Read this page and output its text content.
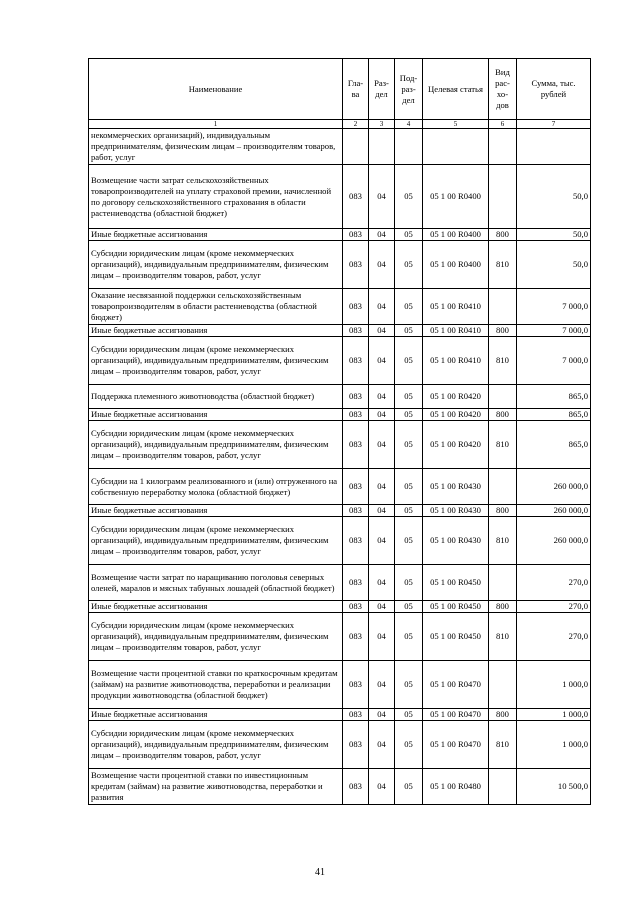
Наименование	Гла-ва	Раз-дел	Под-раз-дел	Целевая статья	Вид рас-хо-дов	Сумма, тыс. рублей
1	2	3	4	5	6	7
некоммерческих организаций), индивидуальным предпринимателям, физическим лицам – производителям товаров, работ, услуг						
Возмещение части затрат сельскохозяйственных товаропроизводителей на уплату страховой премии, начисленной по договору сельскохозяйственного страхования в области растениеводства (областной бюджет)	083	04	05	05 1 00 R0400		50,0
Иные бюджетные ассигнования	083	04	05	05 1 00 R0400	800	50,0
Субсидии юридическим лицам (кроме некоммерческих организаций), индивидуальным предпринимателям, физическим лицам – производителям товаров, работ, услуг	083	04	05	05 1 00 R0400	810	50,0
Оказание несвязанной поддержки сельскохозяйственным товаропроизводителям в области растениеводства (областной бюджет)	083	04	05	05 1 00 R0410		7 000,0
Иные бюджетные ассигнования	083	04	05	05 1 00 R0410	800	7 000,0
Субсидии юридическим лицам (кроме некоммерческих организаций), индивидуальным предпринимателям, физическим лицам – производителям товаров, работ, услуг	083	04	05	05 1 00 R0410	810	7 000,0
Поддержка племенного животноводства (областной бюджет)	083	04	05	05 1 00 R0420		865,0
Иные бюджетные ассигнования	083	04	05	05 1 00 R0420	800	865,0
Субсидии юридическим лицам (кроме некоммерческих организаций), индивидуальным предпринимателям, физическим лицам – производителям товаров, работ, услуг	083	04	05	05 1 00 R0420	810	865,0
Субсидии на 1 килограмм реализованного и (или) отгруженного на собственную переработку молока (областной бюджет)	083	04	05	05 1 00 R0430		260 000,0
Иные бюджетные ассигнования	083	04	05	05 1 00 R0430	800	260 000,0
Субсидии юридическим лицам (кроме некоммерческих организаций), индивидуальным предпринимателям, физическим лицам – производителям товаров, работ, услуг	083	04	05	05 1 00 R0430	810	260 000,0
Возмещение части затрат по наращиванию поголовья северных оленей, маралов и мясных табунных лошадей (областной бюджет)	083	04	05	05 1 00 R0450		270,0
Иные бюджетные ассигнования	083	04	05	05 1 00 R0450	800	270,0
Субсидии юридическим лицам (кроме некоммерческих организаций), индивидуальным предпринимателям, физическим лицам – производителям товаров, работ, услуг	083	04	05	05 1 00 R0450	810	270,0
Возмещение части процентной ставки по краткосрочным кредитам (займам) на развитие животноводства, переработки и реализации продукции животноводства (областной бюджет)	083	04	05	05 1 00 R0470		1 000,0
Иные бюджетные ассигнования	083	04	05	05 1 00 R0470	800	1 000,0
Субсидии юридическим лицам (кроме некоммерческих организаций), индивидуальным предпринимателям, физическим лицам – производителям товаров, работ, услуг	083	04	05	05 1 00 R0470	810	1 000,0
Возмещение части процентной ставки по инвестиционным кредитам (займам) на развитие животноводства, переработки и развития	083	04	05	05 1 00 R0480		10 500,0
41
